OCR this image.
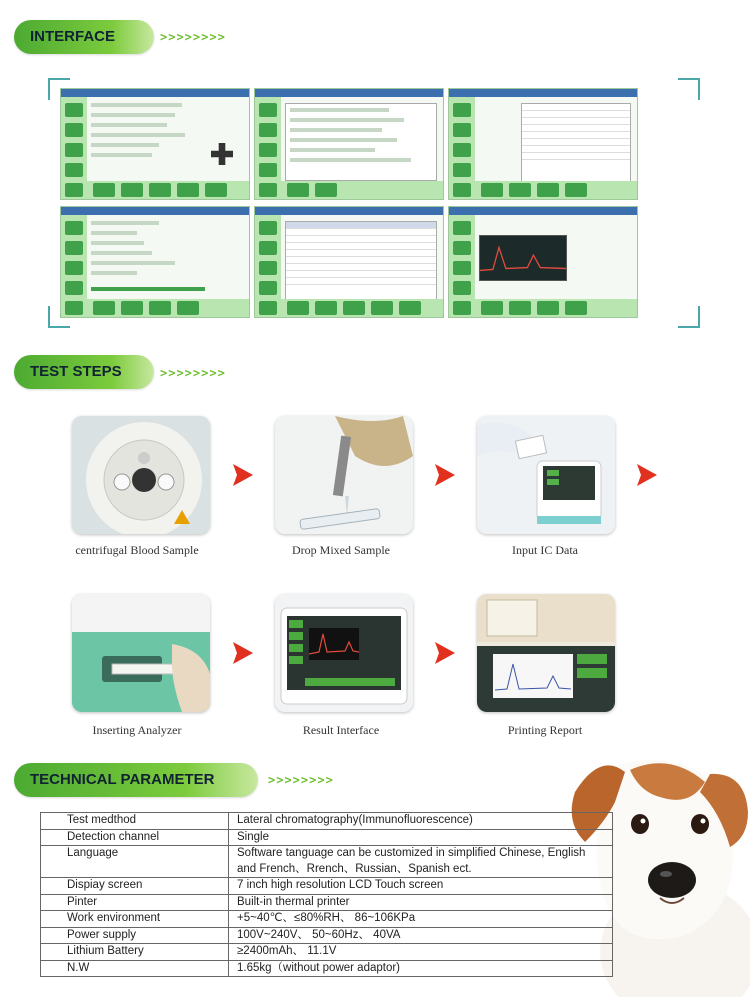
INTERFACE	>>>>>>>>
TEST STEPS	>>>>>>>>
centrifugal Blood Sample	Drop Mixed Sample	Input IC Data
Inserting Analyzer	Result Interface	Printing Report
TECHNICAL PARAMETER	>>>>>>>>
Test medthod	Lateral chromatography(Immunofluorescence)
Detection channel	Single
Language	Software tanguage can be customized in simplified Chinese, English and French、Rrench、Russian、Spanish ect.
Dispiay screen	7 inch high resolution LCD Touch screen
Pinter	Built-in thermal printer
Work environment	+5~40℃、≤80%RH、 86~106KPa
Power supply	100V~240V、 50~60Hz、 40VA
Lithium Battery	≥2400mAh、 11.1V
N.W	1.65kg（without power adaptor)
